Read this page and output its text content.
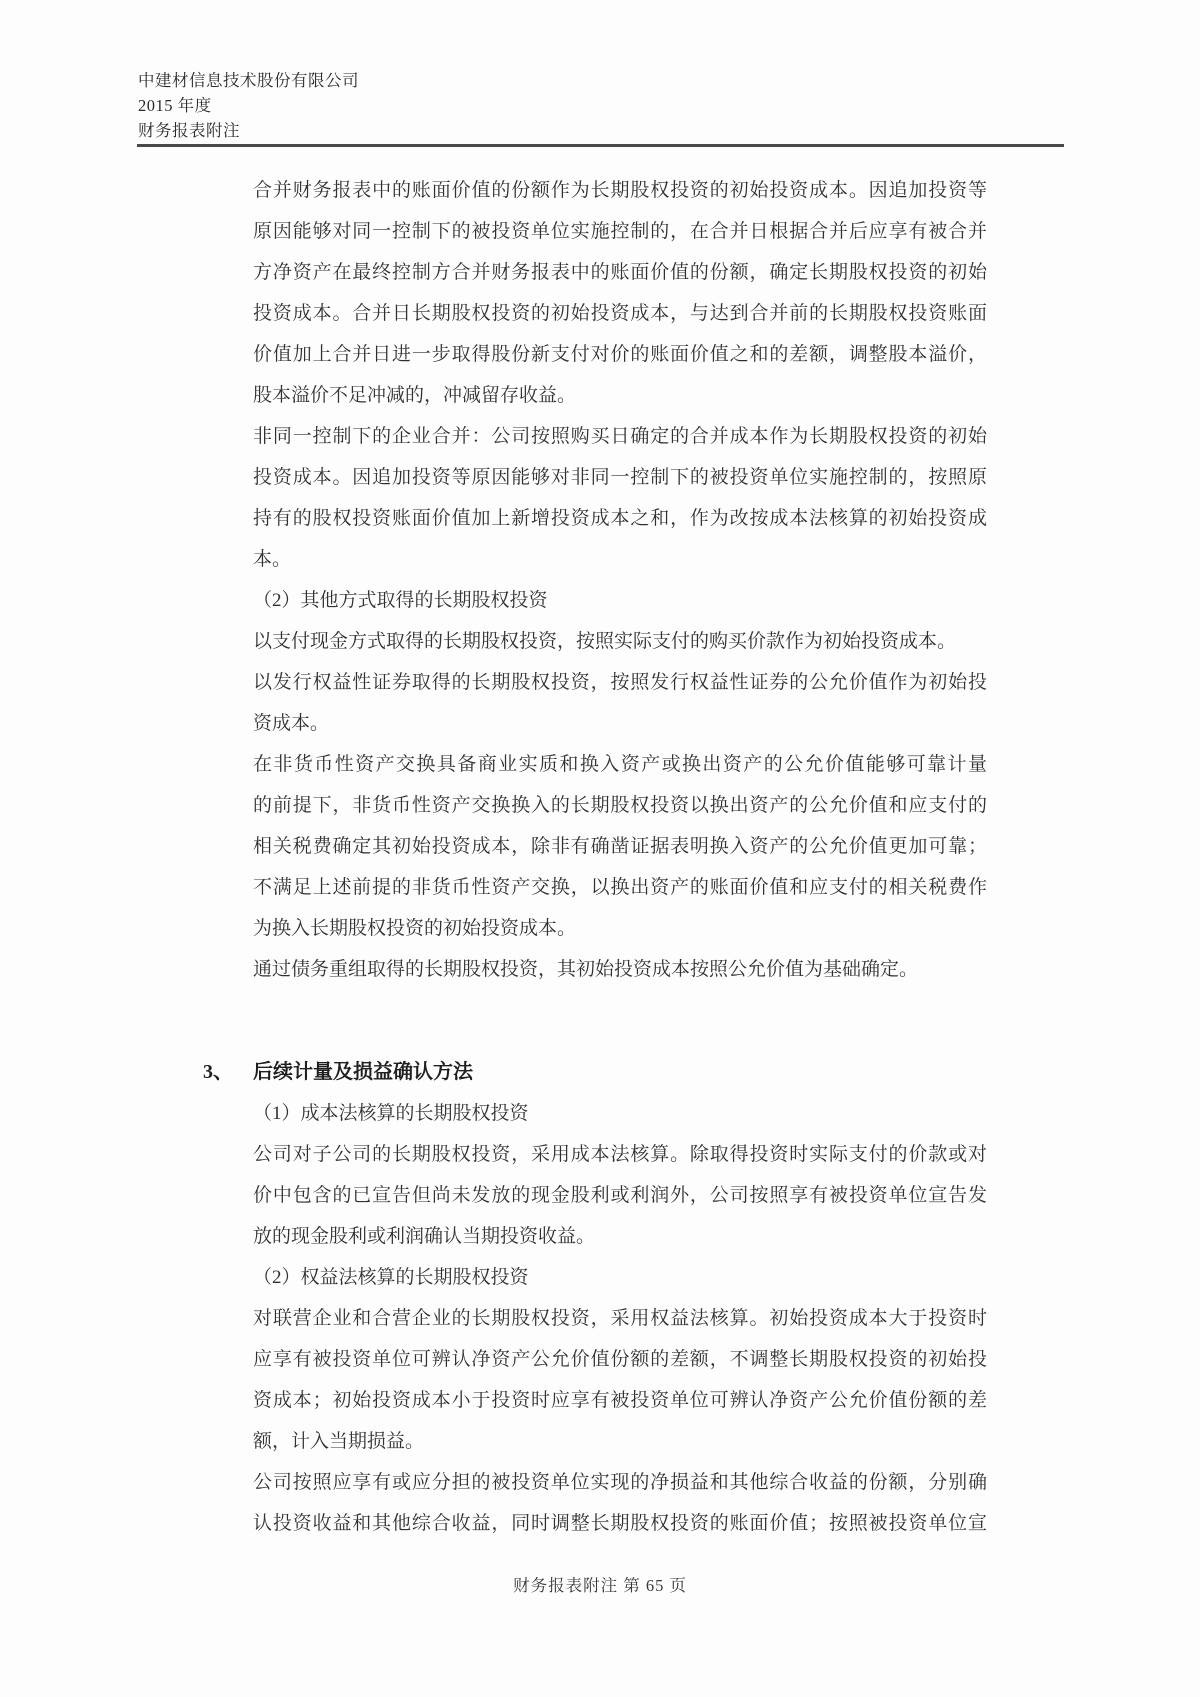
中建材信息技术股份有限公司
2015 年度
财务报表附注
合并财务报表中的账面价值的份额作为长期股权投资的初始投资成本。因追加投资等
原因能够对同一控制下的被投资单位实施控制的，在合并日根据合并后应享有被合并
方净资产在最终控制方合并财务报表中的账面价值的份额，确定长期股权投资的初始
投资成本。合并日长期股权投资的初始投资成本，与达到合并前的长期股权投资账面
价值加上合并日进一步取得股份新支付对价的账面价值之和的差额，调整股本溢价，
股本溢价不足冲减的，冲减留存收益。
非同一控制下的企业合并：公司按照购买日确定的合并成本作为长期股权投资的初始
投资成本。因追加投资等原因能够对非同一控制下的被投资单位实施控制的，按照原
持有的股权投资账面价值加上新增投资成本之和，作为改按成本法核算的初始投资成
本。
（2）其他方式取得的长期股权投资
以支付现金方式取得的长期股权投资，按照实际支付的购买价款作为初始投资成本。
以发行权益性证券取得的长期股权投资，按照发行权益性证券的公允价值作为初始投
资成本。
在非货币性资产交换具备商业实质和换入资产或换出资产的公允价值能够可靠计量
的前提下，非货币性资产交换换入的长期股权投资以换出资产的公允价值和应支付的
相关税费确定其初始投资成本，除非有确凿证据表明换入资产的公允价值更加可靠；
不满足上述前提的非货币性资产交换，以换出资产的账面价值和应支付的相关税费作
为换入长期股权投资的初始投资成本。
通过债务重组取得的长期股权投资，其初始投资成本按照公允价值为基础确定。
3、 后续计量及损益确认方法
（1）成本法核算的长期股权投资
公司对子公司的长期股权投资，采用成本法核算。除取得投资时实际支付的价款或对
价中包含的已宣告但尚未发放的现金股利或利润外，公司按照享有被投资单位宣告发
放的现金股利或利润确认当期投资收益。
（2）权益法核算的长期股权投资
对联营企业和合营企业的长期股权投资，采用权益法核算。初始投资成本大于投资时
应享有被投资单位可辨认净资产公允价值份额的差额，不调整长期股权投资的初始投
资成本；初始投资成本小于投资时应享有被投资单位可辨认净资产公允价值份额的差
额，计入当期损益。
公司按照应享有或应分担的被投资单位实现的净损益和其他综合收益的份额，分别确
认投资收益和其他综合收益，同时调整长期股权投资的账面价值；按照被投资单位宣
财务报表附注 第 65 页
